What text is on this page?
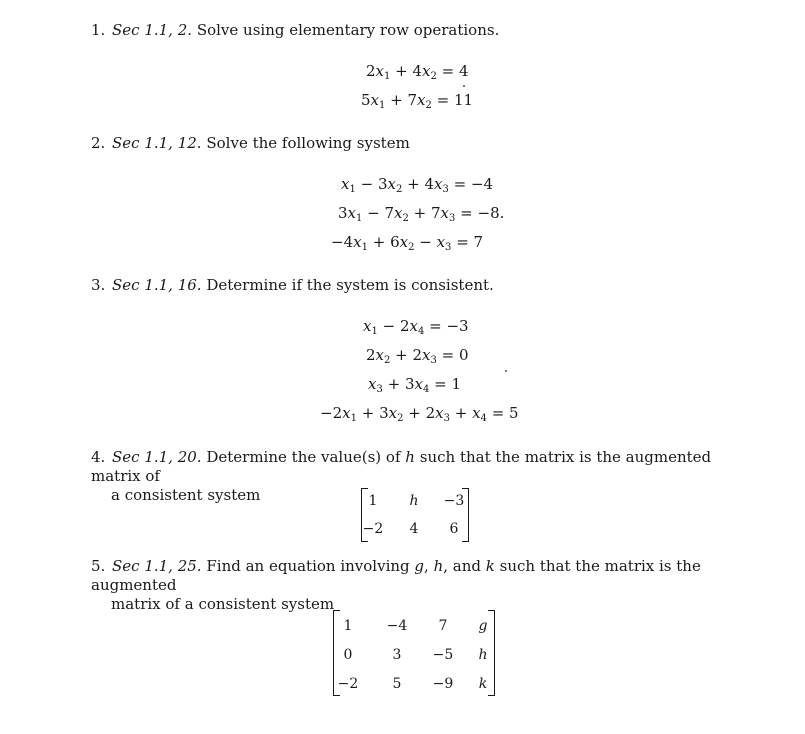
1. Sec 1.1, 2. Solve using elementary row operations.
$2x_1 + 4x_2 = 4$
$5x_1 + 7x_2 = 11$
2. Sec 1.1, 12. Solve the following system
$x_1 - 3x_2 + 4x_3 = -4$
$3x_1 - 7x_2 + 7x_3 = -8$.
$-4x_1 + 6x_2 - x_3 = 7$
3. Sec 1.1, 16. Determine if the system is consistent.
$x_1 - 2x_4 = -3$
$2x_2 + 2x_3 = 0$
$x_3 + 3x_4 = 1$
$-2x_1 + 3x_2 + 2x_3 + x_4 = 5$
4. Sec 1.1, 20. Determine the value(s) of h such that the matrix is the augmented matrix of
a consistent system	1	h	−3
−2	4	6
5. Sec 1.1, 25. Find an equation involving g, h, and k such that the matrix is the augmented
matrix of a consistent system
1	−4	7	g
0	3	−5	h
−2	5	−9	k
